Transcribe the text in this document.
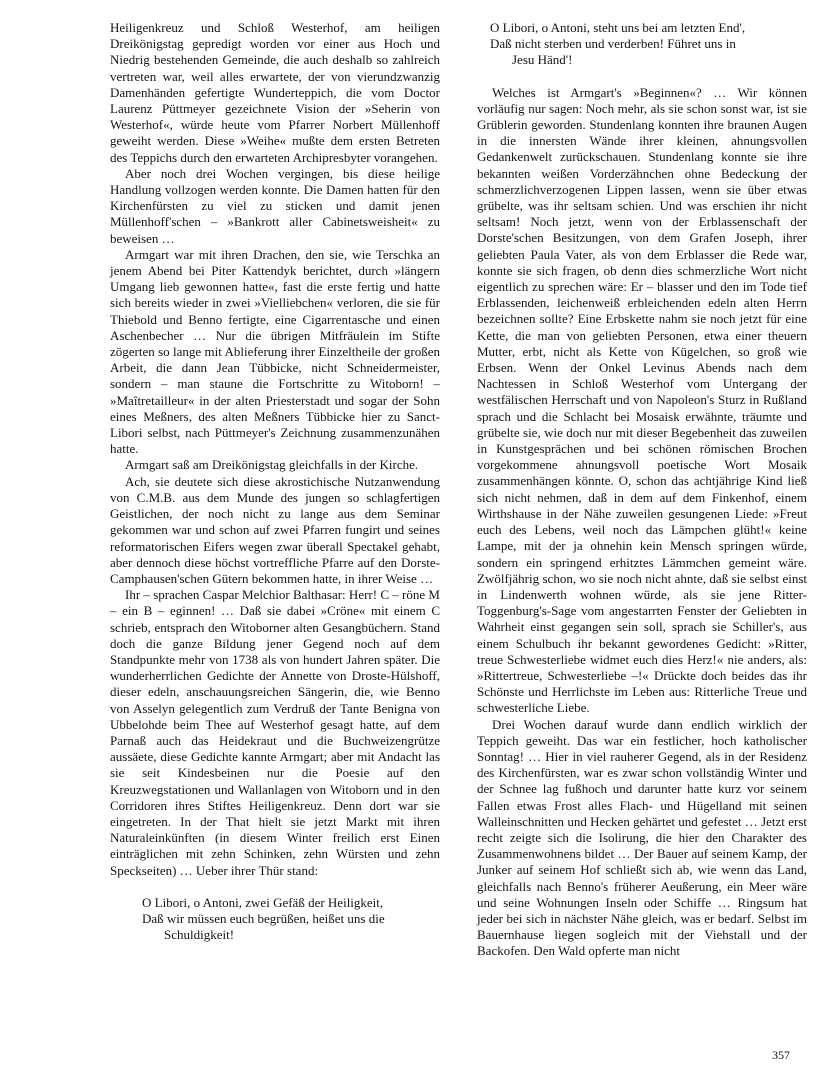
Heiligenkreuz und Schloß Westerhof, am heiligen Dreikönigstag gepredigt worden vor einer aus Hoch und Niedrig bestehenden Gemeinde, die auch deshalb so zahlreich vertreten war, weil alles erwartete, der von vierundzwanzig Damenhänden gefertigte Wunderteppich, die vom Doctor Laurenz Püttmeyer gezeichnete Vision der »Seherin von Westerhof«, würde heute vom Pfarrer Norbert Müllenhoff geweiht werden. Diese »Weihe« mußte dem ersten Betreten des Teppichs durch den erwarteten Archipresbyter vorangehen.

Aber noch drei Wochen vergingen, bis diese heilige Handlung vollzogen werden konnte. Die Damen hatten für den Kirchenfürsten zu viel zu sticken und damit jenen Müllenhoff'schen – »Bankrott aller Cabinetsweisheit« zu beweisen …

Armgart war mit ihren Drachen, den sie, wie Terschka an jenem Abend bei Piter Kattendyk berichtet, durch »längern Umgang lieb gewonnen hatte«, fast die erste fertig und hatte sich bereits wieder in zwei »Vielliebchen« verloren, die sie für Thiebold und Benno fertigte, eine Cigarrentasche und einen Aschenbecher … Nur die übrigen Mitfräulein im Stifte zögerten so lange mit Ablieferung ihrer Einzeltheile der großen Arbeit, die dann Jean Tübbicke, nicht Schneidermeister, sondern – man staune die Fortschritte zu Witoborn! – »Maîtretailleur« in der alten Priesterstadt und sogar der Sohn eines Meßners, des alten Meßners Tübbicke hier zu Sanct-Libori selbst, nach Püttmeyer's Zeichnung zusammenzunähen hatte.

Armgart saß am Dreikönigstag gleichfalls in der Kirche.

Ach, sie deutete sich diese akrostichische Nutzanwendung von C.M.B. aus dem Munde des jungen so schlagfertigen Geistlichen, der noch nicht zu lange aus dem Seminar gekommen war und schon auf zwei Pfarren fungirt und seines reformatorischen Eifers wegen zwar überall Spectakel gehabt, aber dennoch diese höchst vortreffliche Pfarre auf den Dorste-Camphausen'schen Gütern bekommen hatte, in ihrer Weise …

Ihr – sprachen Caspar Melchior Balthasar: Herr! C – röne M – ein B – eginnen! … Daß sie dabei »Cröne« mit einem C schrieb, entsprach den Witoborner alten Gesangbüchern. Stand doch die ganze Bildung jener Gegend noch auf dem Standpunkte mehr von 1738 als von hundert Jahren später. Die wunderherrlichen Gedichte der Annette von Droste-Hülshoff, dieser edeln, anschauungsreichen Sängerin, die, wie Benno von Asselyn gelegentlich zum Verdruß der Tante Benigna von Ubbelohde beim Thee auf Westerhof gesagt hatte, auf dem Parnaß auch das Heidekraut und die Buchweizengrütze aussäete, diese Gedichte kannte Armgart; aber mit Andacht las sie seit Kindesbeinen nur die Poesie auf den Kreuzwegstationen und Wallanlagen von Witoborn und in den Corridoren ihres Stiftes Heiligenkreuz. Denn dort war sie eingetreten. In der That hielt sie jetzt Markt mit ihren Naturaleinkünften (in diesem Winter freilich erst Einen einträglichen mit zehn Schinken, zehn Würsten und zehn Speckseiten) … Ueber ihrer Thür stand:

O Libori, o Antoni, zwei Gefäß der Heiligkeit,
Daß wir müssen euch begrüßen, heißet uns die
Schuldigkeit!
O Libori, o Antoni, steht uns bei am letzten End',
Daß nicht sterben und verderben! Führet uns in
Jesu Händ'!

Welches ist Armgart's »Beginnen«? … Wir können vorläufig nur sagen: Noch mehr, als sie schon sonst war, ist sie Grüblerin geworden. Stundenlang konnten ihre braunen Augen in die innersten Wände ihrer kleinen, ahnungsvollen Gedankenwelt zurückschauen. Stundenlang konnte sie ihre bekannten weißen Vorderzähnchen ohne Bedeckung der schmerzlichverzogenen Lippen lassen, wenn sie über etwas grübelte, was ihr seltsam schien. Und was erschien ihr nicht seltsam! Noch jetzt, wenn von der Erblassenschaft der Dorste'schen Besitzungen, von dem Grafen Joseph, ihrer geliebten Paula Vater, als von dem Erblasser die Rede war, konnte sie sich fragen, ob denn dies schmerzliche Wort nicht eigentlich zu sprechen wäre: Er – blasser und den im Tode tief Erblassenden, leichenweiß erbleichenden edeln alten Herrn bezeichnen sollte? Eine Erbskette nahm sie noch jetzt für eine Kette, die man von geliebten Personen, etwa einer theuern Mutter, erbt, nicht als Kette von Kügelchen, so groß wie Erbsen. Wenn der Onkel Levinus Abends nach dem Nachtessen in Schloß Westerhof vom Untergang der westfälischen Herrschaft und von Napoleon's Sturz in Rußland sprach und die Schlacht bei Mosaisk erwähnte, träumte und grübelte sie, wie doch nur mit dieser Begebenheit das zuweilen in Kunstgesprächen und bei schönen römischen Brochen vorgekommene ahnungsvoll poetische Wort Mosaik zusammenhängen könnte. O, schon das achtjährige Kind ließ sich nicht nehmen, daß in dem auf dem Finkenhof, einem Wirthshause in der Nähe zuweilen gesungenen Liede: »Freut euch des Lebens, weil noch das Lämpchen glüht!« keine Lampe, mit der ja ohnehin kein Mensch springen würde, sondern ein springend erhitztes Lämmchen gemeint wäre. Zwölfjährig schon, wo sie noch nicht ahnte, daß sie selbst einst in Lindenwerth wohnen würde, als sie jene Ritter-Toggenburg's-Sage vom angestarrten Fenster der Geliebten in Wahrheit einst gegangen sein soll, sprach sie Schiller's, aus einem Schulbuch ihr bekannt gewordenes Gedicht: »Ritter, treue Schwesterliebe widmet euch dies Herz!« nie anders, als: »Rittertreue, Schwesterliebe –!« Drückte doch beides das ihr Schönste und Herrlichste im Leben aus: Ritterliche Treue und schwesterliche Liebe.

Drei Wochen darauf wurde dann endlich wirklich der Teppich geweiht. Das war ein festlicher, hoch katholischer Sonntag! … Hier in viel rauherer Gegend, als in der Residenz des Kirchenfürsten, war es zwar schon vollständig Winter und der Schnee lag fußhoch und darunter hatte kurz vor seinem Fallen etwas Frost alles Flach- und Hügelland mit seinen Walleinschnitten und Hecken gehärtet und gefestet … Jetzt erst recht zeigte sich die Isolirung, die hier den Charakter des Zusammenwohnens bildet … Der Bauer auf seinem Kamp, der Junker auf seinem Hof schließt sich ab, wie wenn das Land, gleichfalls nach Benno's früherer Aeußerung, ein Meer wäre und seine Wohnungen Inseln oder Schiffe … Ringsum hat jeder bei sich in nächster Nähe gleich, was er bedarf. Selbst im Bauernhause liegen sogleich mit der Viehstall und der Backofen. Den Wald opferte man nicht

357
